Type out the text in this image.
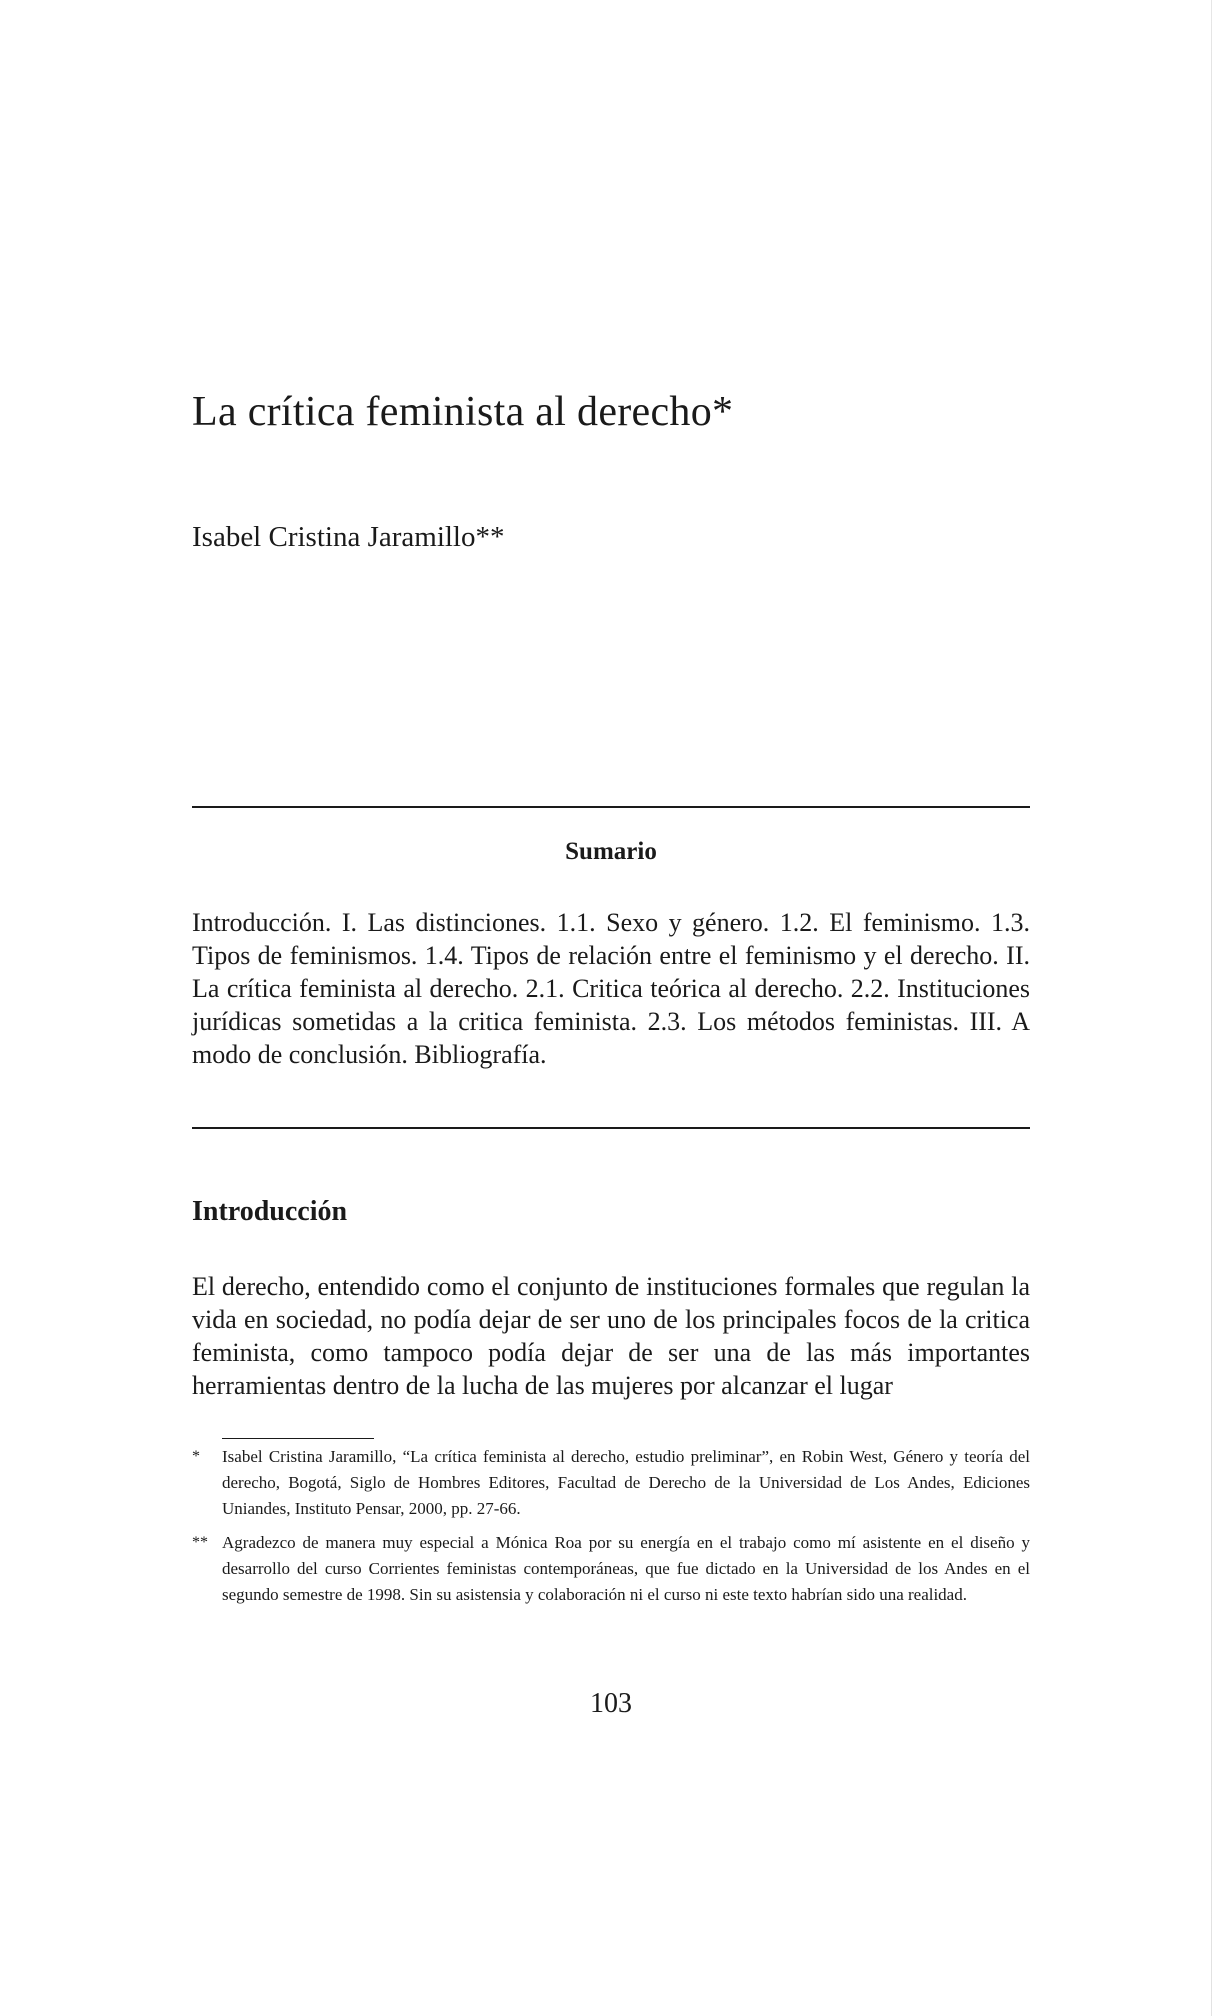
La crítica feminista al derecho*

Isabel Cristina Jaramillo**

Sumario

Introducción. I. Las distinciones. 1.1. Sexo y género. 1.2. El feminismo. 1.3. Tipos de feminismos. 1.4. Tipos de relación entre el feminismo y el derecho. II. La crítica feminista al derecho. 2.1. Critica teórica al derecho. 2.2. Instituciones jurídicas sometidas a la critica feminista. 2.3. Los métodos feministas. III. A modo de conclusión. Bibliografía.

Introducción

El derecho, entendido como el conjunto de instituciones formales que regulan la vida en sociedad, no podía dejar de ser uno de los principales focos de la critica feminista, como tampoco podía dejar de ser una de las más importantes herramientas dentro de la lucha de las mujeres por alcanzar el lugar

*	Isabel Cristina Jaramillo, “La crítica feminista al derecho, estudio preliminar”, en Robin West, Género y teoría del derecho, Bogotá, Siglo de Hombres Editores, Facultad de Derecho de la Universidad de Los Andes, Ediciones Uniandes, Instituto Pensar, 2000, pp. 27-66.
** Agradezco de manera muy especial a Mónica Roa por su energía en el trabajo como mí asistente en el diseño y desarrollo del curso Corrientes feministas contemporáneas, que fue dictado en la Universidad de los Andes en el segundo semestre de 1998. Sin su asistensia y colaboración ni el curso ni este texto habrían sido una realidad.

103
